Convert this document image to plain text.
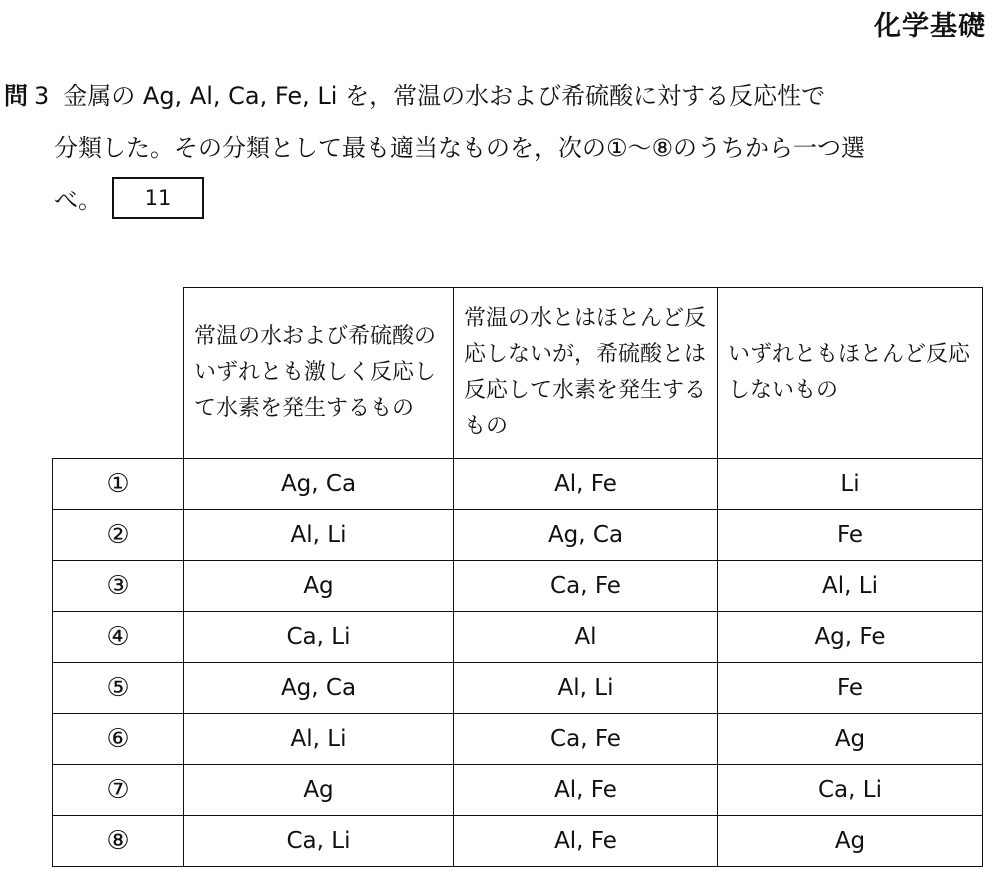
化学基礎
問 3 金属の Ag, Al, Ca, Fe, Li を，常温の水および希硫酸に対する反応性で
分類した。その分類として最も適当なものを，次の①～⑧のうちから一つ選
べ。 11
	常温の水および希硫酸のいずれとも激しく反応して水素を発生するもの	常温の水とはほとんど反応しないが，希硫酸とは反応して水素を発生するもの	いずれともほとんど反応しないもの
①	Ag, Ca	Al, Fe	Li
②	Al, Li	Ag, Ca	Fe
③	Ag	Ca, Fe	Al, Li
④	Ca, Li	Al	Ag, Fe
⑤	Ag, Ca	Al, Li	Fe
⑥	Al, Li	Ca, Fe	Ag
⑦	Ag	Al, Fe	Ca, Li
⑧	Ca, Li	Al, Fe	Ag
